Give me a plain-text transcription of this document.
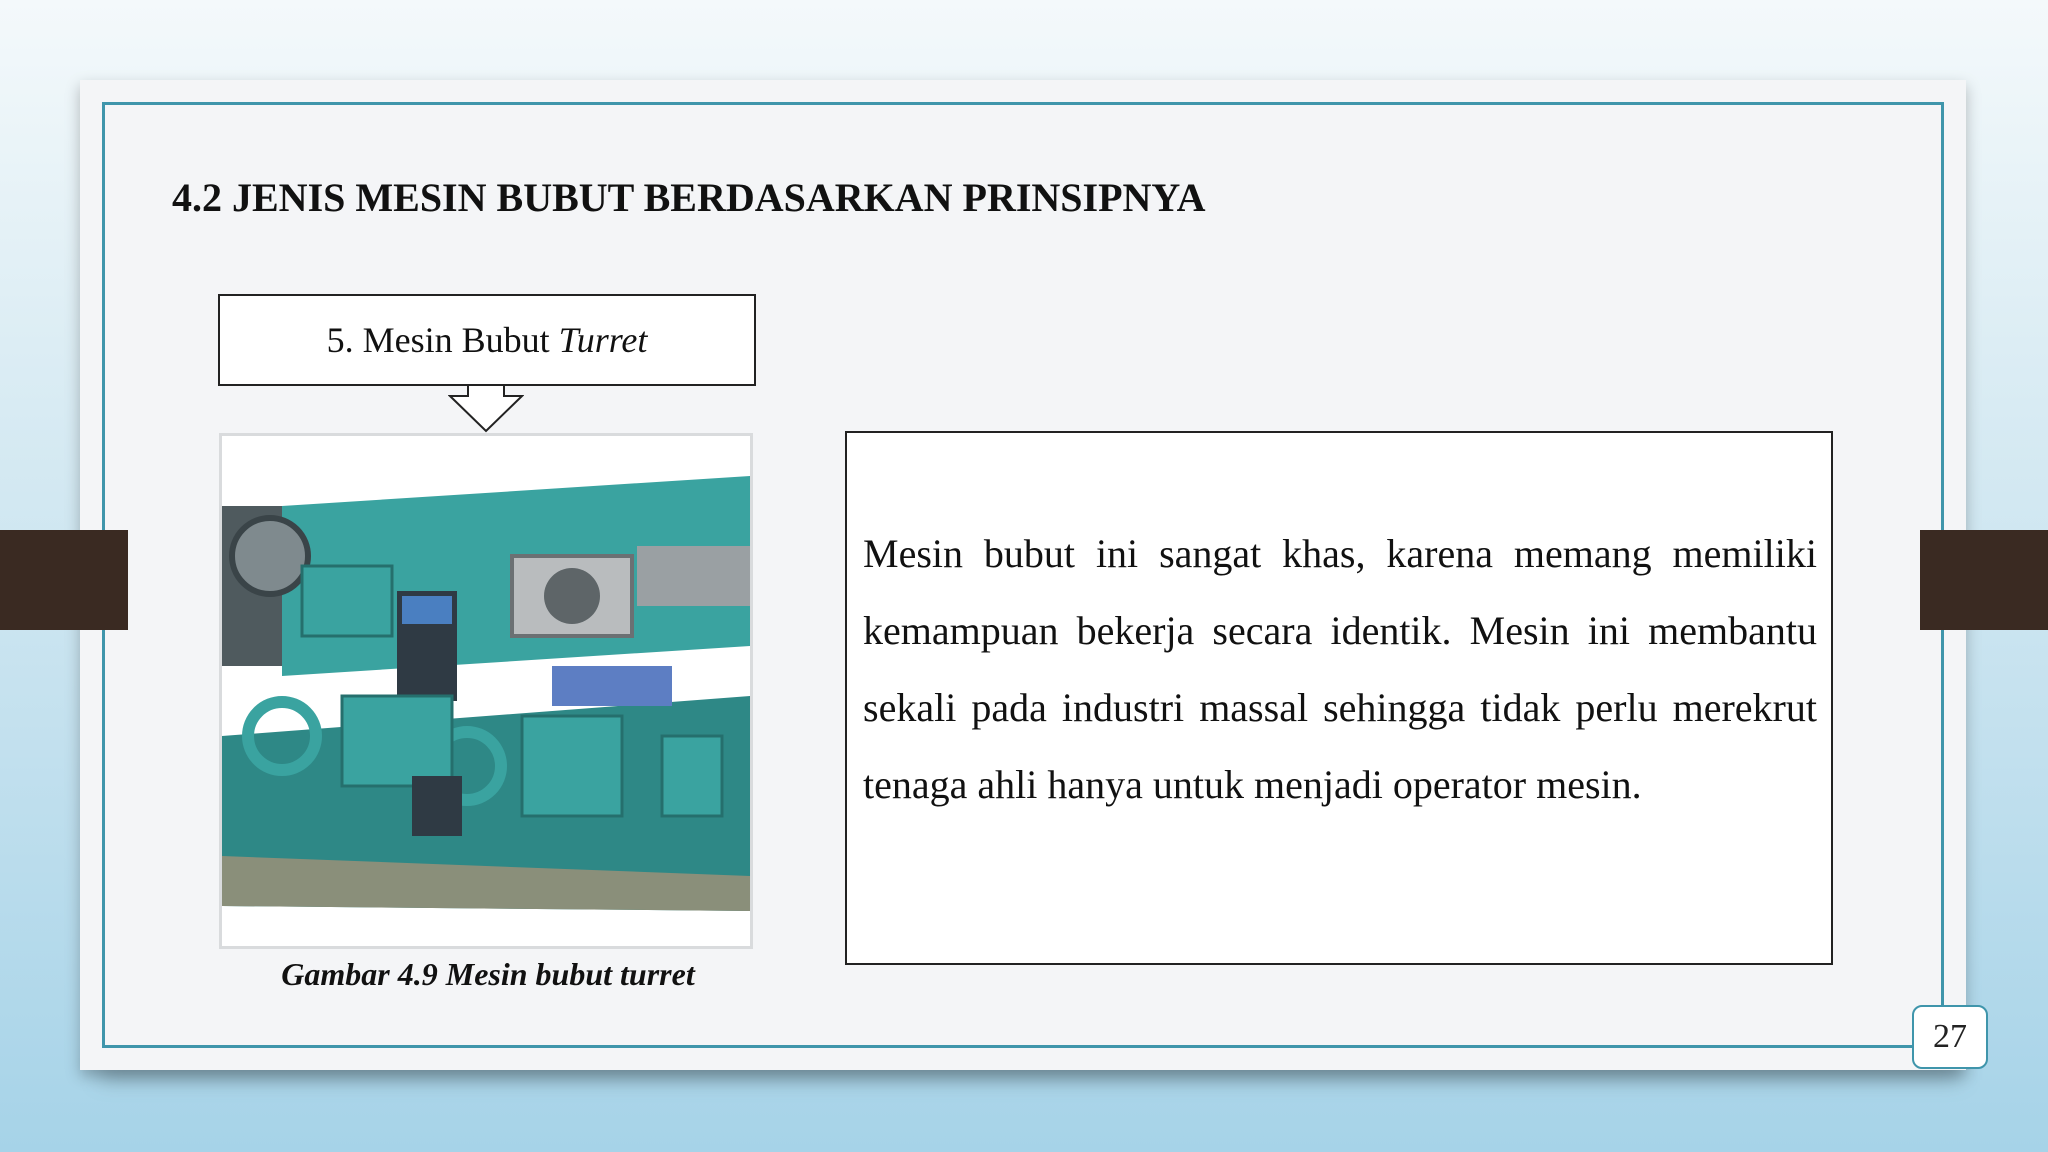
4.2 JENIS MESIN BUBUT BERDASARKAN PRINSIPNYA
5. Mesin Bubut Turret

Gambar 4.9 Mesin bubut turret

Mesin bubut ini sangat khas, karena memang memiliki kemampuan bekerja secara identik. Mesin ini membantu sekali pada industri massal sehingga tidak perlu merekrut tenaga ahli hanya untuk menjadi operator mesin.

27
